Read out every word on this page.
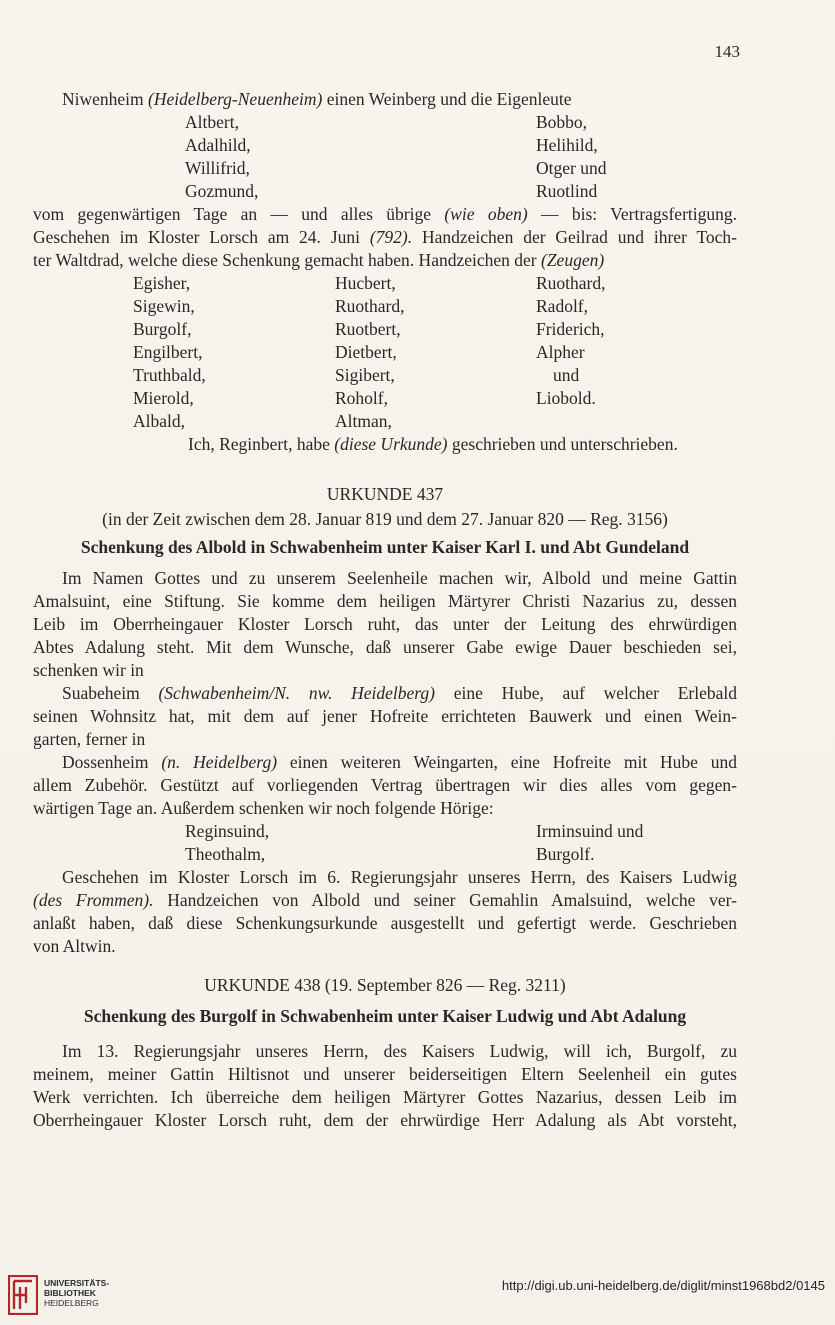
143
Niwenheim (Heidelberg-Neuenheim) einen Weinberg und die Eigenleute
Altbert,	Bobbo,
Adalhild,	Helihild,
Willifrid,	Otger und
Gozmund,	Ruotlind
vom gegenwärtigen Tage an — und alles übrige (wie oben) — bis: Vertragsfertigung.
Geschehen im Kloster Lorsch am 24. Juni (792). Handzeichen der Geilrad und ihrer Toch-
ter Waltdrad, welche diese Schenkung gemacht haben. Handzeichen der (Zeugen)
Egisher,	Hucbert,	Ruothard,
Sigewin,	Ruothard,	Radolf,
Burgolf,	Ruotbert,	Friderich,
Engilbert,	Dietbert,	Alpher
Truthbald,	Sigibert,	und
Mierold,	Roholf,	Liobold.
Albald,	Altman,
Ich, Reginbert, habe (diese Urkunde) geschrieben und unterschrieben.
URKUNDE 437
(in der Zeit zwischen dem 28. Januar 819 und dem 27. Januar 820 — Reg. 3156)
Schenkung des Albold in Schwabenheim unter Kaiser Karl I. und Abt Gundeland
Im Namen Gottes und zu unserem Seelenheile machen wir, Albold und meine Gattin
Amalsuint, eine Stiftung. Sie komme dem heiligen Märtyrer Christi Nazarius zu, dessen
Leib im Oberrheingauer Kloster Lorsch ruht, das unter der Leitung des ehrwürdigen
Abtes Adalung steht. Mit dem Wunsche, daß unserer Gabe ewige Dauer beschieden sei,
schenken wir in
Suabeheim (Schwabenheim/N. nw. Heidelberg) eine Hube, auf welcher Erlebald
seinen Wohnsitz hat, mit dem auf jener Hofreite errichteten Bauwerk und einen Wein-
garten, ferner in
Dossenheim (n. Heidelberg) einen weiteren Weingarten, eine Hofreite mit Hube und
allem Zubehör. Gestützt auf vorliegenden Vertrag übertragen wir dies alles vom gegen-
wärtigen Tage an. Außerdem schenken wir noch folgende Hörige:
Reginsuind,	Irminsuind und
Theothalm,	Burgolf.
Geschehen im Kloster Lorsch im 6. Regierungsjahr unseres Herrn, des Kaisers Ludwig
(des Frommen). Handzeichen von Albold und seiner Gemahlin Amalsuind, welche ver-
anlaßt haben, daß diese Schenkungsurkunde ausgestellt und gefertigt werde. Geschrieben
von Altwin.
URKUNDE 438 (19. September 826 — Reg. 3211)
Schenkung des Burgolf in Schwabenheim unter Kaiser Ludwig und Abt Adalung
Im 13. Regierungsjahr unseres Herrn, des Kaisers Ludwig, will ich, Burgolf, zu
meinem, meiner Gattin Hiltisnot und unserer beiderseitigen Eltern Seelenheil ein gutes
Werk verrichten. Ich überreiche dem heiligen Märtyrer Gottes Nazarius, dessen Leib im
Oberrheingauer Kloster Lorsch ruht, dem der ehrwürdige Herr Adalung als Abt vorsteht,
UNIVERSITÄTS-
BIBLIOTHEK
HEIDELBERG
http://digi.ub.uni-heidelberg.de/diglit/minst1968bd2/0145
